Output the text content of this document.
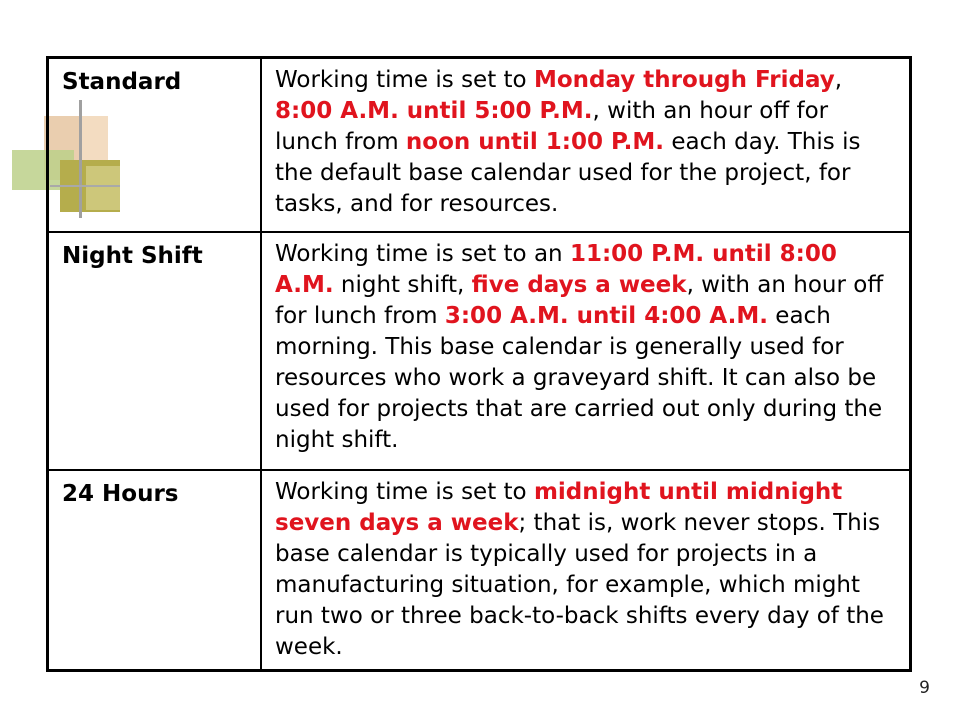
Standard	Working time is set to Monday through Friday, 8:00 A.M. until 5:00 P.M., with an hour off for lunch from noon until 1:00 P.M. each day. This is the default base calendar used for the project, for tasks, and for resources.
Night Shift	Working time is set to an 11:00 P.M. until 8:00 A.M. night shift, five days a week, with an hour off for lunch from 3:00 A.M. until 4:00 A.M. each morning. This base calendar is generally used for resources who work a graveyard shift. It can also be used for projects that are carried out only during the night shift.
24 Hours	Working time is set to midnight until midnight seven days a week; that is, work never stops. This base calendar is typically used for projects in a manufacturing situation, for example, which might run two or three back-to-back shifts every day of the week.
9
